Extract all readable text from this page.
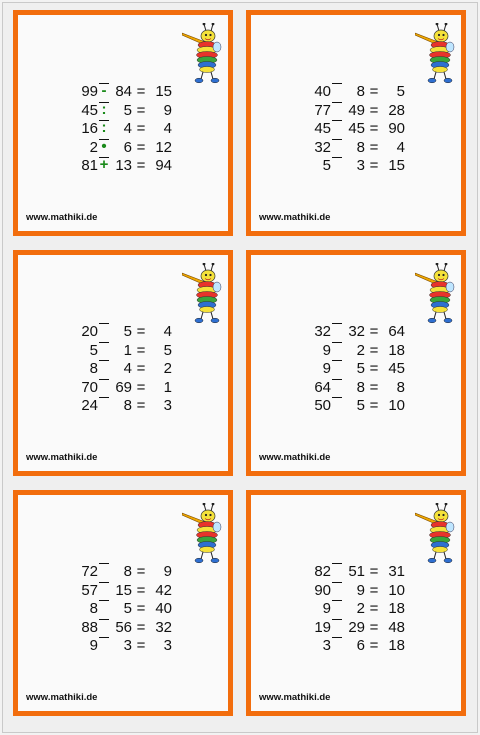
99 - 84 = 15
45 :	5 =	9
16 :	4 =	4
2 •	6 = 12
81 + 13 = 94
www.mathiki.de
40	8 =	5
77	49 = 28
45	45 = 90
32	8 =	4
5	3 = 15
www.mathiki.de
20	5 =	4
5	1 =	5
8	4 =	2
70	69 =	1
24	8 =	3
www.mathiki.de
32	32 = 64
9	2 = 18
9	5 = 45
64	8 =	8
50	5 = 10
www.mathiki.de
72	8 =	9
57	15 = 42
8	5 = 40
88	56 = 32
9	3 =	3
www.mathiki.de
82	51 = 31
90	9 = 10
9	2 = 18
19	29 = 48
3	6 = 18
www.mathiki.de
